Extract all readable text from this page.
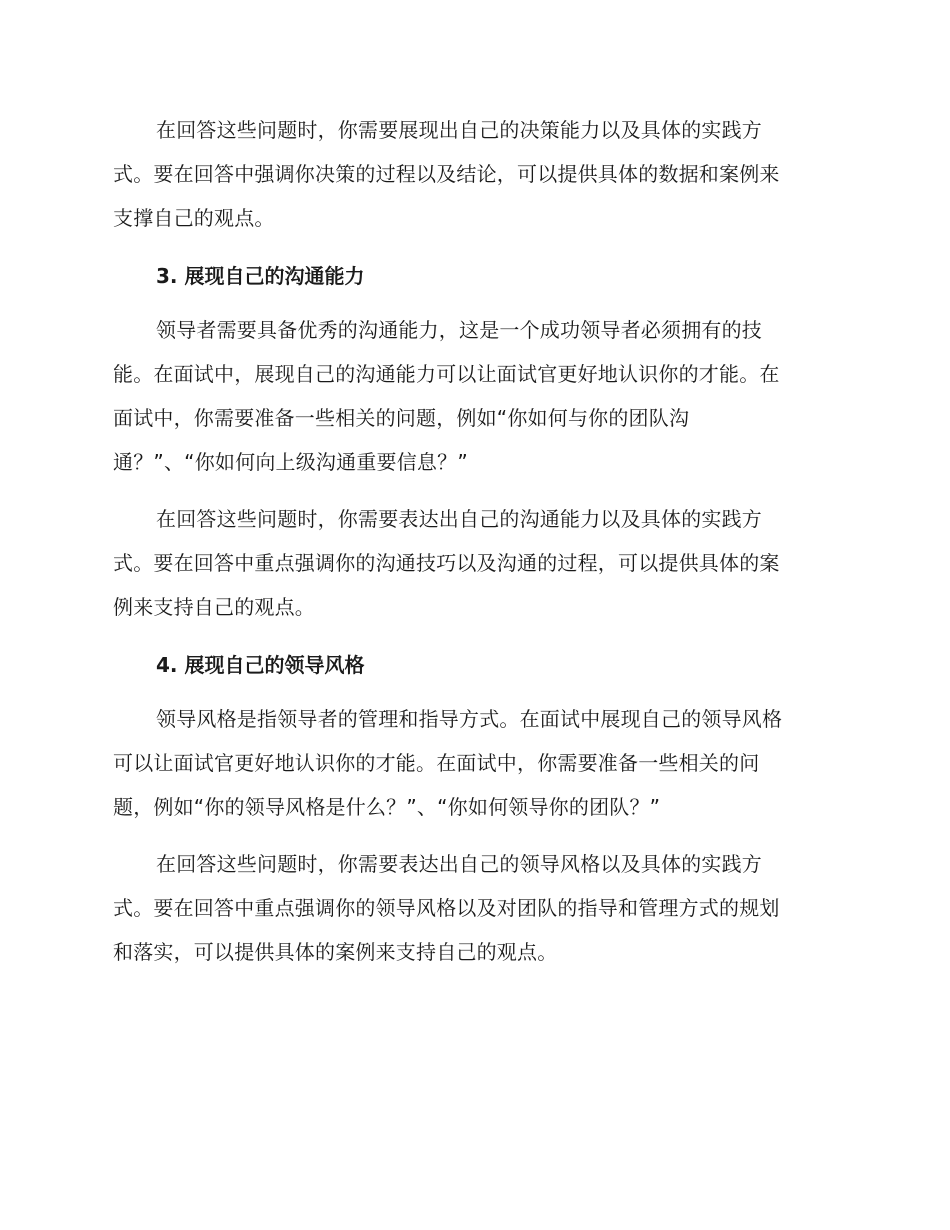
在回答这些问题时，你需要展现出自己的决策能力以及具体的实践方
式。要在回答中强调你决策的过程以及结论，可以提供具体的数据和案例来
支撑自己的观点。
3. 展现自己的沟通能力
领导者需要具备优秀的沟通能力，这是一个成功领导者必须拥有的技
能。在面试中，展现自己的沟通能力可以让面试官更好地认识你的才能。在
面试中，你需要准备一些相关的问题，例如“你如何与你的团队沟
通？”、“你如何向上级沟通重要信息？”
在回答这些问题时，你需要表达出自己的沟通能力以及具体的实践方
式。要在回答中重点强调你的沟通技巧以及沟通的过程，可以提供具体的案
例来支持自己的观点。
4. 展现自己的领导风格
领导风格是指领导者的管理和指导方式。在面试中展现自己的领导风格
可以让面试官更好地认识你的才能。在面试中，你需要准备一些相关的问
题，例如“你的领导风格是什么？”、“你如何领导你的团队？”
在回答这些问题时，你需要表达出自己的领导风格以及具体的实践方
式。要在回答中重点强调你的领导风格以及对团队的指导和管理方式的规划
和落实，可以提供具体的案例来支持自己的观点。
